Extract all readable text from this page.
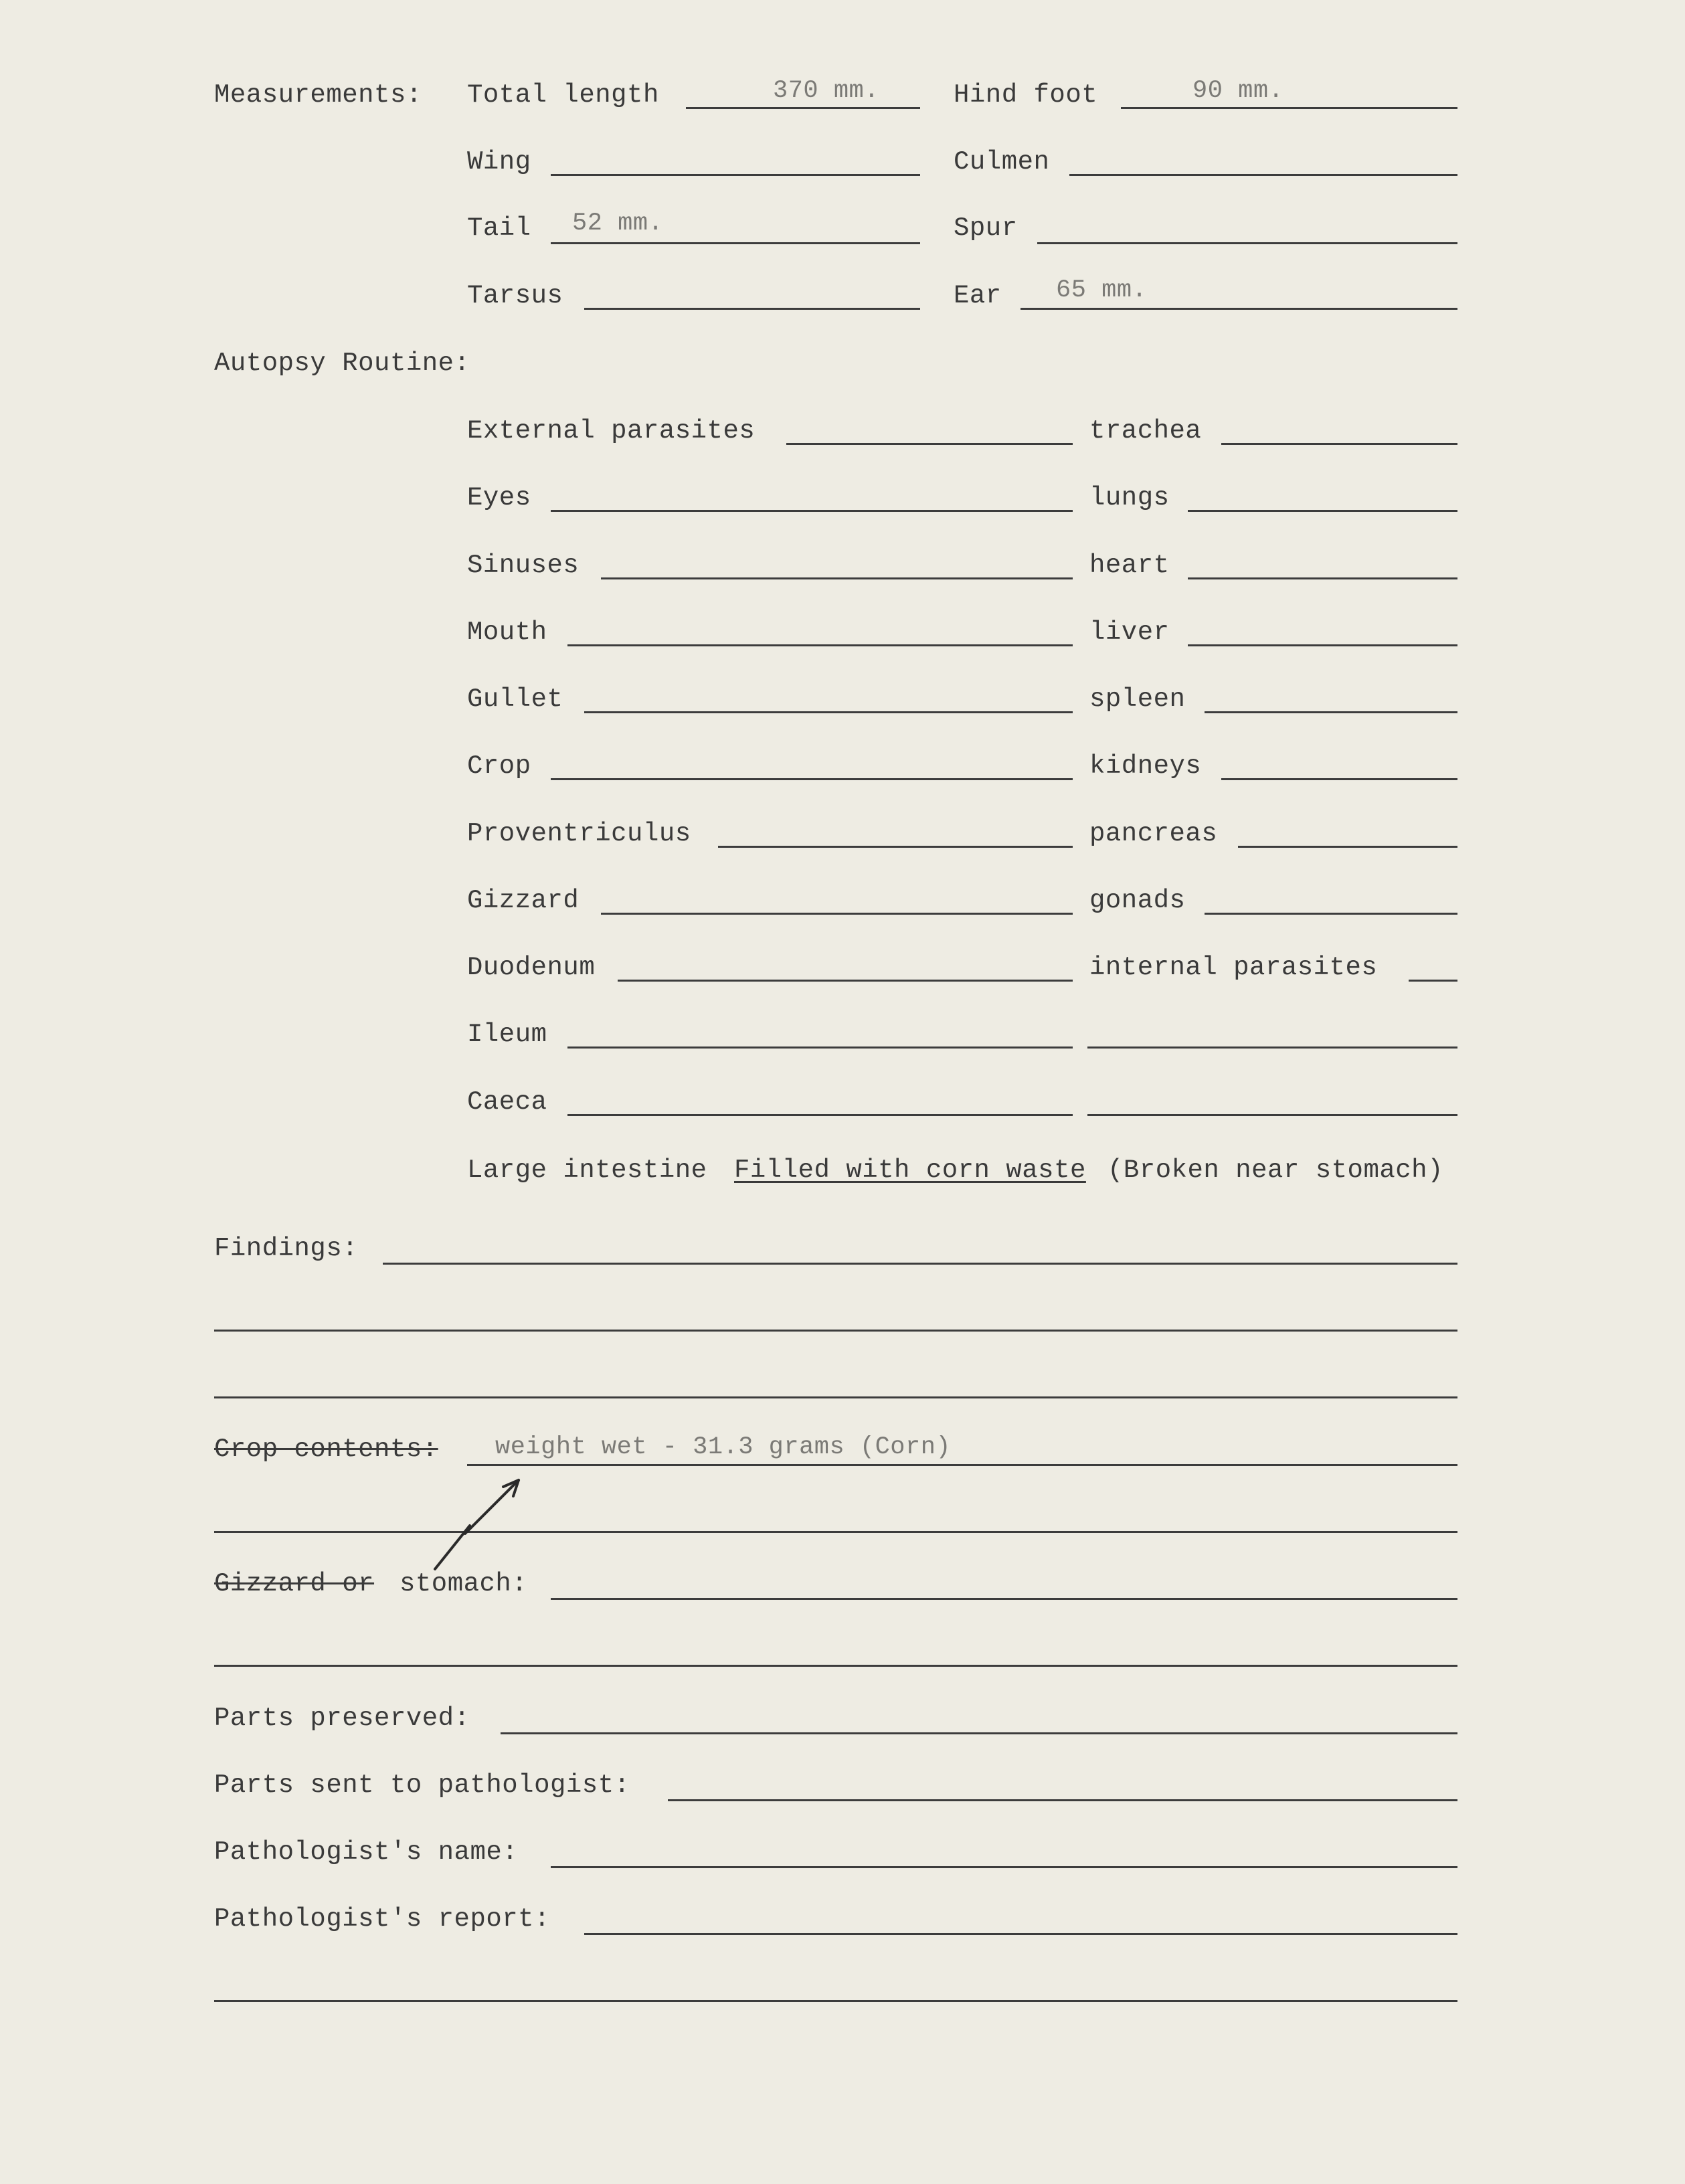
Measurements: Total length	370 mm.	Hind foot	90 mm.
Wing	Culmen
Tail 52 mm.	Spur
Tarsus	Ear 65 mm.
Autopsy Routine:
External parasites	trachea
Eyes	lungs
Sinuses	heart
Mouth	liver
Gullet	spleen
Crop	kidneys
Proventriculus	pancreas
Gizzard	gonads
Duodenum	internal parasites
Ileum
Caeca
Large intestine Filled with corn waste (Broken near stomach)
Findings:
Crop contents: weight wet - 31.3 grams (Corn)
Gizzard or stomach:
Parts preserved:
Parts sent to pathologist:
Pathologist's name:
Pathologist's report:
